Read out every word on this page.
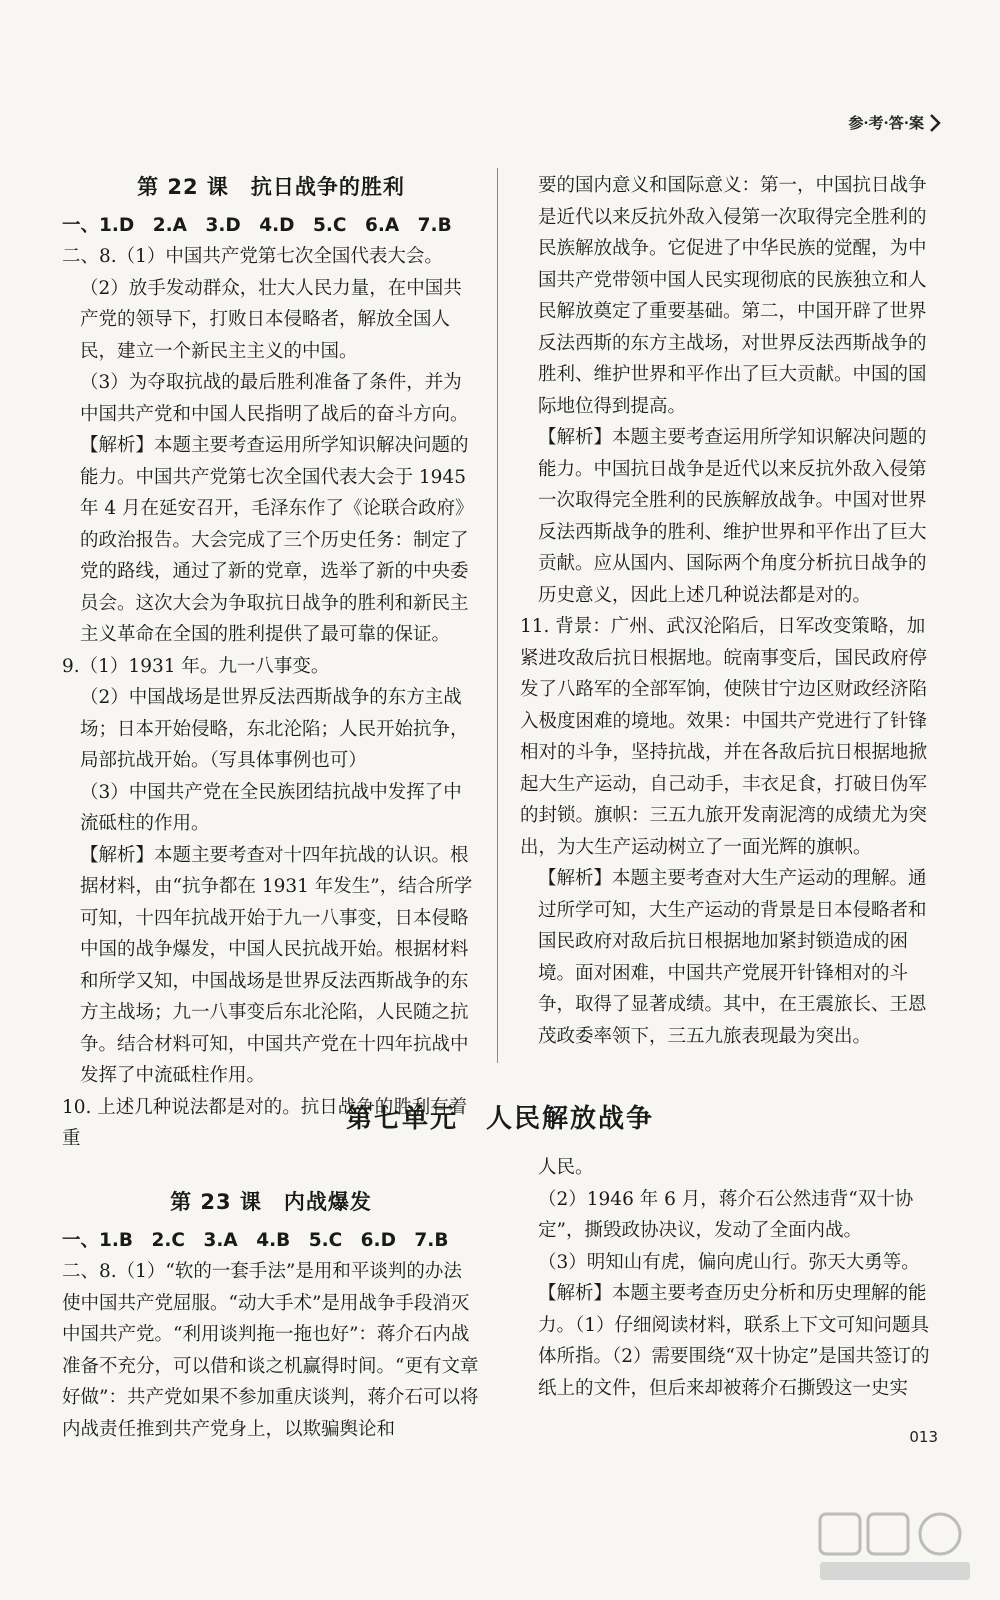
参·考·答·案

第 22 课　抗日战争的胜利

一、1.D　2.A　3.D　4.D　5.C　6.A　7.B

二、8.（1）中国共产党第七次全国代表大会。

（2）放手发动群众，壮大人民力量，在中国共产党的领导下，打败日本侵略者，解放全国人民，建立一个新民主主义的中国。

（3）为夺取抗战的最后胜利准备了条件，并为中国共产党和中国人民指明了战后的奋斗方向。

【解析】本题主要考查运用所学知识解决问题的能力。中国共产党第七次全国代表大会于 1945 年 4 月在延安召开，毛泽东作了《论联合政府》的政治报告。大会完成了三个历史任务：制定了党的路线，通过了新的党章，选举了新的中央委员会。这次大会为争取抗日战争的胜利和新民主主义革命在全国的胜利提供了最可靠的保证。

9.（1）1931 年。九一八事变。

（2）中国战场是世界反法西斯战争的东方主战场；日本开始侵略，东北沦陷；人民开始抗争，局部抗战开始。（写具体事例也可）

（3）中国共产党在全民族团结抗战中发挥了中流砥柱的作用。

【解析】本题主要考查对十四年抗战的认识。根据材料，由“抗争都在 1931 年发生”，结合所学可知，十四年抗战开始于九一八事变，日本侵略中国的战争爆发，中国人民抗战开始。根据材料和所学又知，中国战场是世界反法西斯战争的东方主战场；九一八事变后东北沦陷，人民随之抗争。结合材料可知，中国共产党在十四年抗战中发挥了中流砥柱作用。

10. 上述几种说法都是对的。抗日战争的胜利有着重

要的国内意义和国际意义：第一，中国抗日战争是近代以来反抗外敌入侵第一次取得完全胜利的民族解放战争。它促进了中华民族的觉醒，为中国共产党带领中国人民实现彻底的民族独立和人民解放奠定了重要基础。第二，中国开辟了世界反法西斯的东方主战场，对世界反法西斯战争的胜利、维护世界和平作出了巨大贡献。中国的国际地位得到提高。

【解析】本题主要考查运用所学知识解决问题的能力。中国抗日战争是近代以来反抗外敌入侵第一次取得完全胜利的民族解放战争。中国对世界反法西斯战争的胜利、维护世界和平作出了巨大贡献。应从国内、国际两个角度分析抗日战争的历史意义，因此上述几种说法都是对的。

11. 背景：广州、武汉沦陷后，日军改变策略，加紧进攻敌后抗日根据地。皖南事变后，国民政府停发了八路军的全部军饷，使陕甘宁边区财政经济陷入极度困难的境地。效果：中国共产党进行了针锋相对的斗争，坚持抗战，并在各敌后抗日根据地掀起大生产运动，自己动手，丰衣足食，打破日伪军的封锁。旗帜：三五九旅开发南泥湾的成绩尤为突出，为大生产运动树立了一面光辉的旗帜。

【解析】本题主要考查对大生产运动的理解。通过所学可知，大生产运动的背景是日本侵略者和国民政府对敌后抗日根据地加紧封锁造成的困境。面对困难，中国共产党展开针锋相对的斗争，取得了显著成绩。其中，在王震旅长、王恩茂政委率领下，三五九旅表现最为突出。

第七单元　人民解放战争

第 23 课　内战爆发

一、1.B　2.C　3.A　4.B　5.C　6.D　7.B

二、8.（1）“软的一套手法”是用和平谈判的办法使中国共产党屈服。“动大手术”是用战争手段消灭中国共产党。“利用谈判拖一拖也好”：蒋介石内战准备不充分，可以借和谈之机赢得时间。“更有文章好做”：共产党如果不参加重庆谈判，蒋介石可以将内战责任推到共产党身上，以欺骗舆论和

人民。

（2）1946 年 6 月，蒋介石公然违背“双十协定”，撕毁政协决议，发动了全面内战。

（3）明知山有虎，偏向虎山行。弥天大勇等。

【解析】本题主要考查历史分析和历史理解的能力。（1）仔细阅读材料，联系上下文可知问题具体所指。（2）需要围绕“双十协定”是国共签订的纸上的文件，但后来却被蒋介石撕毁这一史实

013
